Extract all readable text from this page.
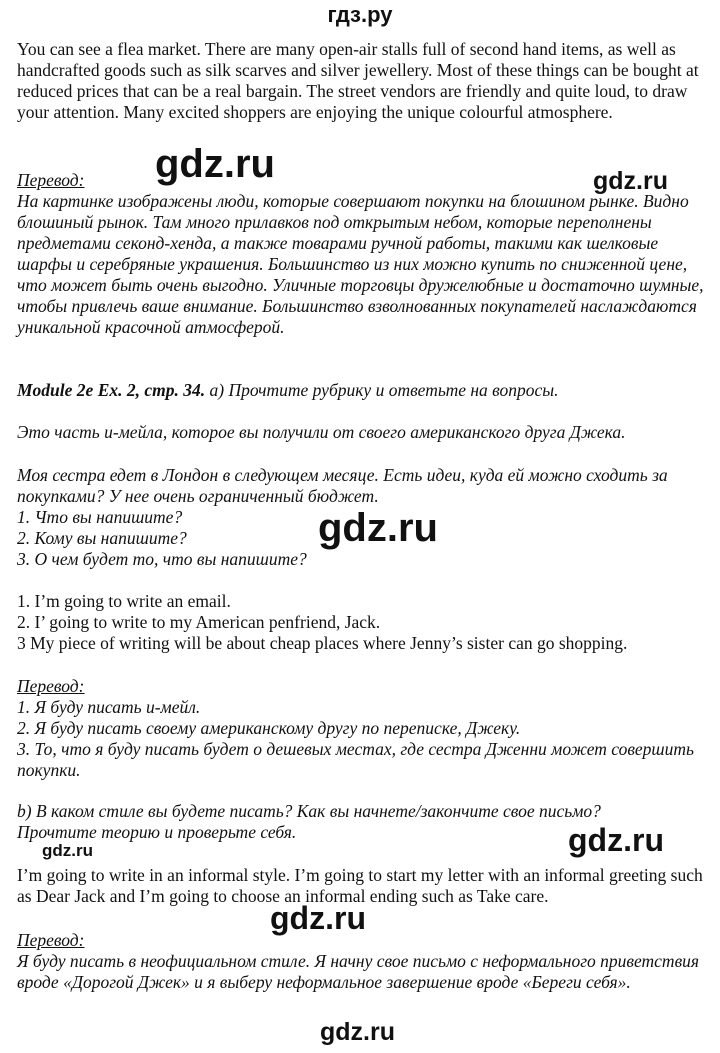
гдз.ру
You can see a flea market. There are many open-air stalls full of second hand items, as well as handcrafted goods such as silk scarves and silver jewellery. Most of these things can be bought at reduced prices that can be a real bargain. The street vendors are friendly and quite loud, to draw your attention. Many excited shoppers are enjoying the unique colourful atmosphere.
Перевод:
На картинке изображены люди, которые совершают покупки на блошином рынке. Видно блошиный рынок. Там много прилавков под открытым небом, которые переполнены предметами секонд-хенда, а также товарами ручной работы, такими как шелковые шарфы и серебряные украшения. Большинство из них можно купить по сниженной цене, что может быть очень выгодно. Уличные торговцы дружелюбные и достаточно шумные, чтобы привлечь ваше внимание. Большинство взволнованных покупателей наслаждаются уникальной красочной атмосферой.
Module 2e Ex. 2, стр. 34. а) Прочтите рубрику и ответьте на вопросы.
Это часть и-мейла, которое вы получили от своего американского друга Джека.
Моя сестра едет в Лондон в следующем месяце. Есть идеи, куда ей можно сходить за покупками? У нее очень ограниченный бюджет.
1. Что вы напишите?
2. Кому вы напишите?
3. О чем будет то, что вы напишите?
1. I’m going to write an email.
2. I’ going to write to my American penfriend, Jack.
3 My piece of writing will be about cheap places where Jenny’s sister can go shopping.
Перевод:
1. Я буду писать и-мейл.
2. Я буду писать своему американскому другу по переписке, Джеку.
3. То, что я буду писать будет о дешевых местах, где сестра Дженни может совершить покупки.
b) В каком стиле вы будете писать? Как вы начнете/закончите свое письмо? Прочтите теорию и проверьте себя.
I’m going to write in an informal style. I’m going to start my letter with an informal greeting such as Dear Jack and I’m going to choose an informal ending such as Take care.
Перевод:
Я буду писать в неофициальном стиле. Я начну свое письмо с неформального приветствия вроде «Дорогой Джек» и я выберу неформальное завершение вроде «Береги себя».
gdz.ru	gdz.ru
gdz.ru
gdz.ru
gdz.ru
gdz.ru
gdz.ru
